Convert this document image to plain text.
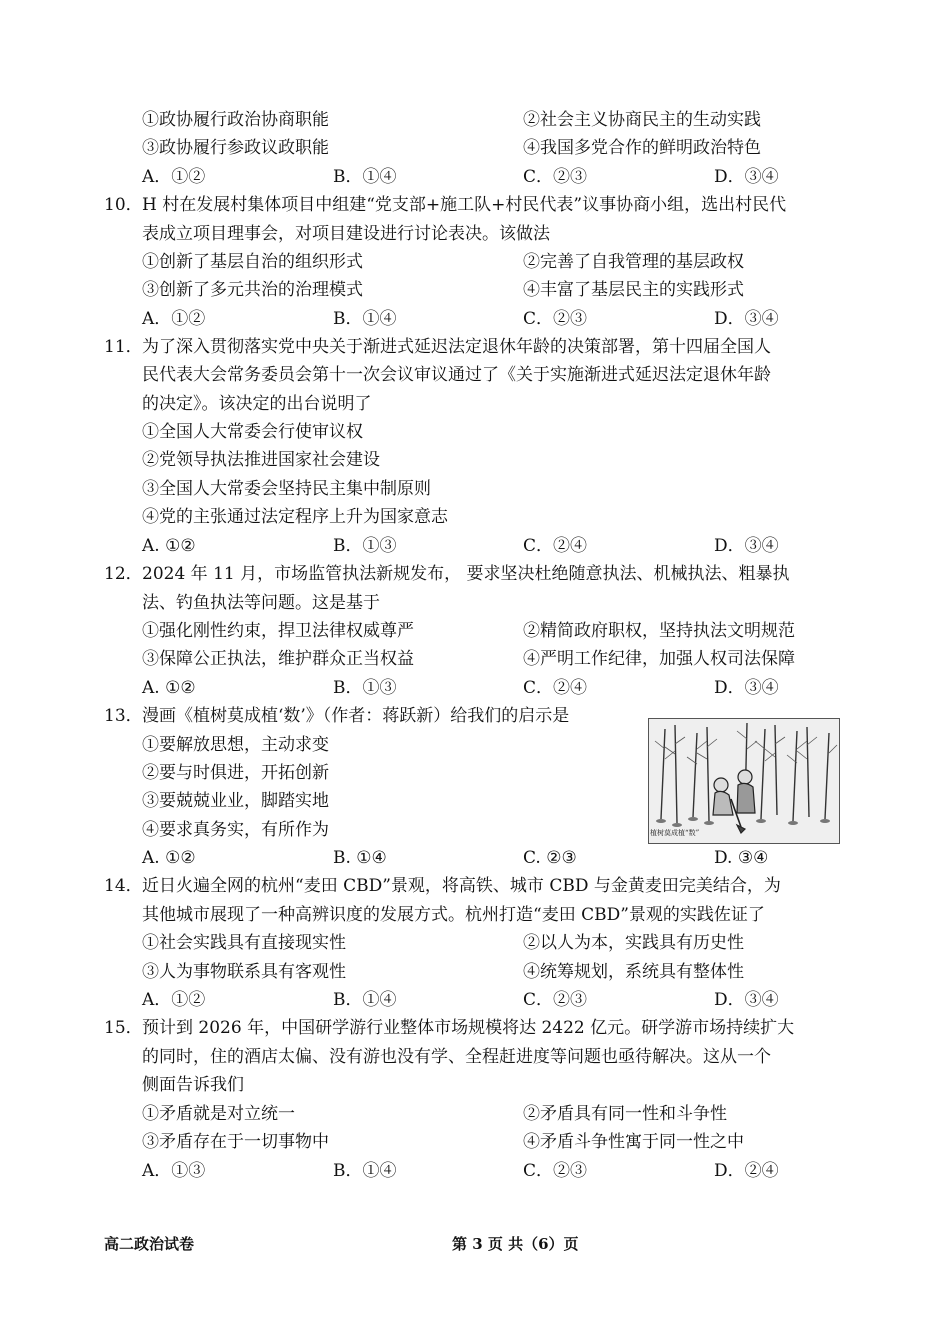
①政协履行政治协商职能	②社会主义协商民主的生动实践
③政协履行参政议政职能	④我国多党合作的鲜明政治特色
A．①②	B．①④	C．②③	D．③④
10． H 村在发展村集体项目中组建“党支部+施工队+村民代表”议事协商小组，选出村民代
表成立项目理事会，对项目建设进行讨论表决。该做法
①创新了基层自治的组织形式	②完善了自我管理的基层政权
③创新了多元共治的治理模式	④丰富了基层民主的实践形式
A．①②	B．①④	C．②③	D．③④
11． 为了深入贯彻落实党中央关于渐进式延迟法定退休年龄的决策部署，第十四届全国人
民代表大会常务委员会第十一次会议审议通过了《关于实施渐进式延迟法定退休年龄
的决定》。该决定的出台说明了
①全国人大常委会行使审议权
②党领导执法推进国家社会建设
③全国人大常委会坚持民主集中制原则
④党的主张通过法定程序上升为国家意志
A. ①②	B．①③	C．②④	D．③④
12． 2024 年 11 月，市场监管执法新规发布， 要求坚决杜绝随意执法、机械执法、粗暴执
法、钓鱼执法等问题。这是基于
①强化刚性约束，捍卫法律权威尊严	②精简政府职权，坚持执法文明规范
③保障公正执法，维护群众正当权益	④严明工作纪律，加强人权司法保障
A. ①②	B．①③	C．②④	D．③④
13． 漫画《植树莫成植‘数’》（作者：蒋跃新）给我们的启示是
①要解放思想，主动求变
②要与时俱进，开拓创新
③要兢兢业业，脚踏实地
④要求真务实，有所作为
A. ①②	B. ①④	C. ②③	D. ③④
植树莫成植“数”
14． 近日火遍全网的杭州“麦田 CBD”景观，将高铁、城市 CBD 与金黄麦田完美结合，为
其他城市展现了一种高辨识度的发展方式。杭州打造“麦田 CBD”景观的实践佐证了
①社会实践具有直接现实性	②以人为本，实践具有历史性
③人为事物联系具有客观性	④统筹规划，系统具有整体性
A．①②	B．①④	C．②③	D．③④
15． 预计到 2026 年，中国研学游行业整体市场规模将达 2422 亿元。研学游市场持续扩大
的同时，住的酒店太偏、没有游也没有学、全程赶进度等问题也亟待解决。这从一个
侧面告诉我们
①矛盾就是对立统一	②矛盾具有同一性和斗争性
③矛盾存在于一切事物中	④矛盾斗争性寓于同一性之中
A．①③	B．①④	C．②③	D．②④
高二政治试卷	第 3 页 共（6）页
